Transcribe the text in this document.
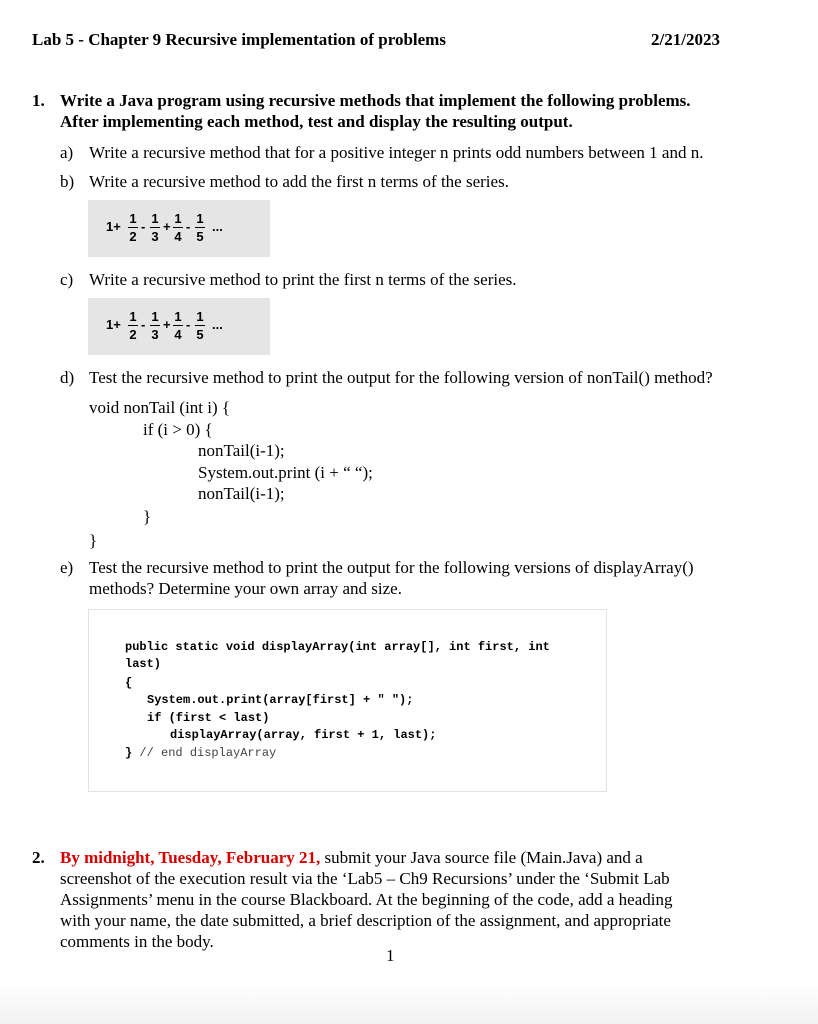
Lab 5 - Chapter 9 Recursive implementation of problems	2/21/2023
1. Write a Java program using recursive methods that implement the following problems.
After implementing each method, test and display the resulting output.
a) Write a recursive method that for a positive integer n prints odd numbers between 1 and n.
b) Write a recursive method to add the first n terms of the series.
1+
1
2
-
1
3
+
1
4
-
1
5
...
c) Write a recursive method to print the first n terms of the series.
1+
1
2
-
1
3
+
1
4
-
1
5
...
d) Test the recursive method to print the output for the following version of nonTail() method?
void nonTail (int i) {
if (i > 0) {
nonTail(i-1);
System.out.print (i + “ “);
nonTail(i-1);
}
}
e) Test the recursive method to print the output for the following versions of displayArray()
methods? Determine your own array and size.
public static void displayArray(int array[], int first, int
last)
{
System.out.print(array[first] + " ");
if (first < last)
displayArray(array, first + 1, last);
} // end displayArray
2. By midnight, Tuesday, February 21, submit your Java source file (Main.Java) and a
screenshot of the execution result via the ‘Lab5 – Ch9 Recursions’ under the ‘Submit Lab
Assignments’ menu in the course Blackboard. At the beginning of the code, add a heading
with your name, the date submitted, a brief description of the assignment, and appropriate
comments in the body.
1
